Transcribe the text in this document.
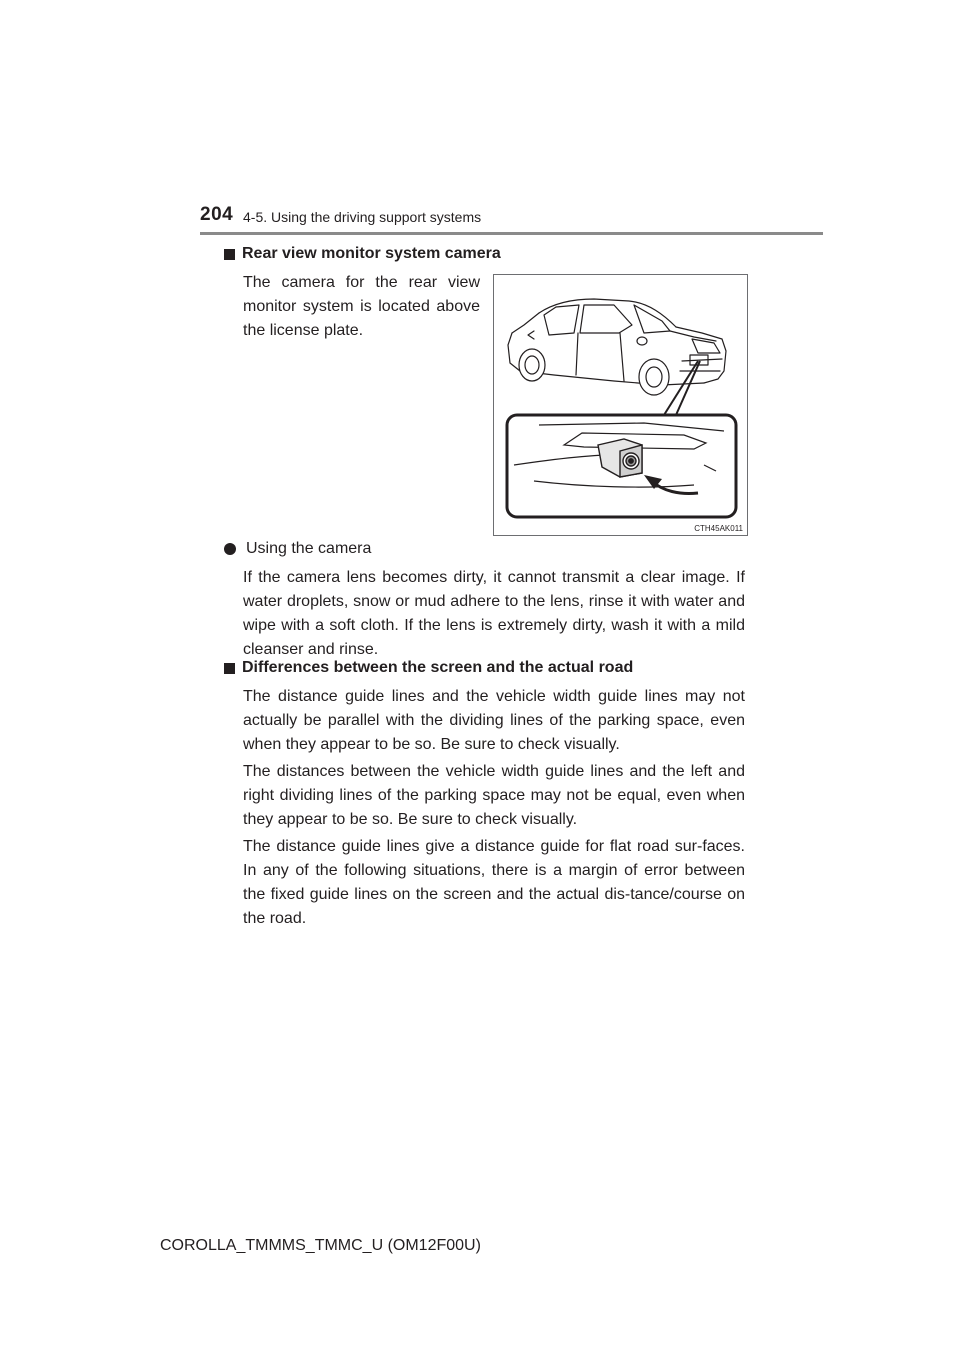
204 4-5. Using the driving support systems
Rear view monitor system camera
The camera for the rear view monitor system is located above the license plate.
CTH45AK011
Using the camera
If the camera lens becomes dirty, it cannot transmit a clear image. If water droplets, snow or mud adhere to the lens, rinse it with water and wipe with a soft cloth. If the lens is extremely dirty, wash it with a mild cleanser and rinse.
Differences between the screen and the actual road
The distance guide lines and the vehicle width guide lines may not actually be parallel with the dividing lines of the parking space, even when they appear to be so. Be sure to check visually.
The distances between the vehicle width guide lines and the left and right dividing lines of the parking space may not be equal, even when they appear to be so. Be sure to check visually.
The distance guide lines give a distance guide for flat road sur-faces. In any of the following situations, there is a margin of error between the fixed guide lines on the screen and the actual dis-tance/course on the road.
COROLLA_TMMMS_TMMC_U (OM12F00U)
